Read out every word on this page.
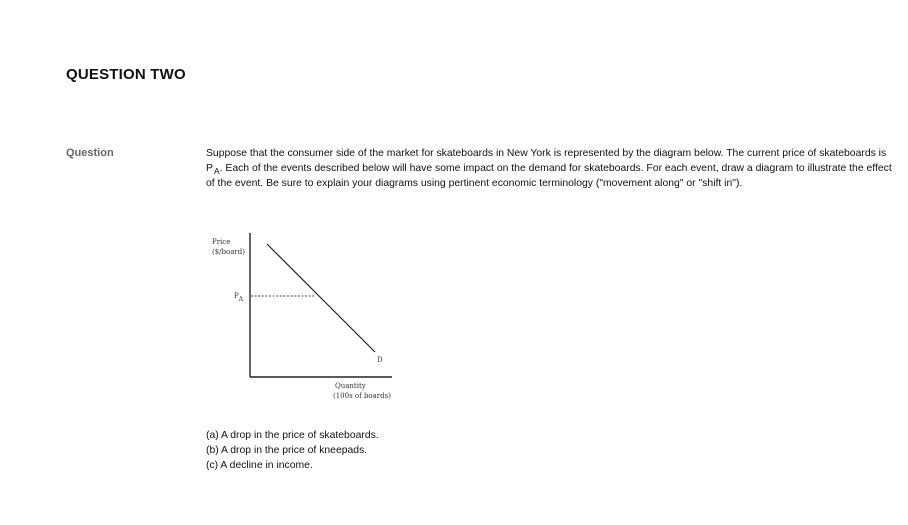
QUESTION TWO
Question	Suppose that the consumer side of the market for skateboards in New York is represented by the diagram below. The current price of skateboards is $P_A$. Each of the events described below will have some impact on the demand for skateboards. For each event, draw a diagram to illustrate the effect of the event. Be sure to explain your diagrams using pertinent economic terminology ("movement along" or "shift in").
Price
($/board)
PA
D
Quantity
(100s of boards)
(a) A drop in the price of skateboards.
(b) A drop in the price of kneepads.
(c) A decline in income.
